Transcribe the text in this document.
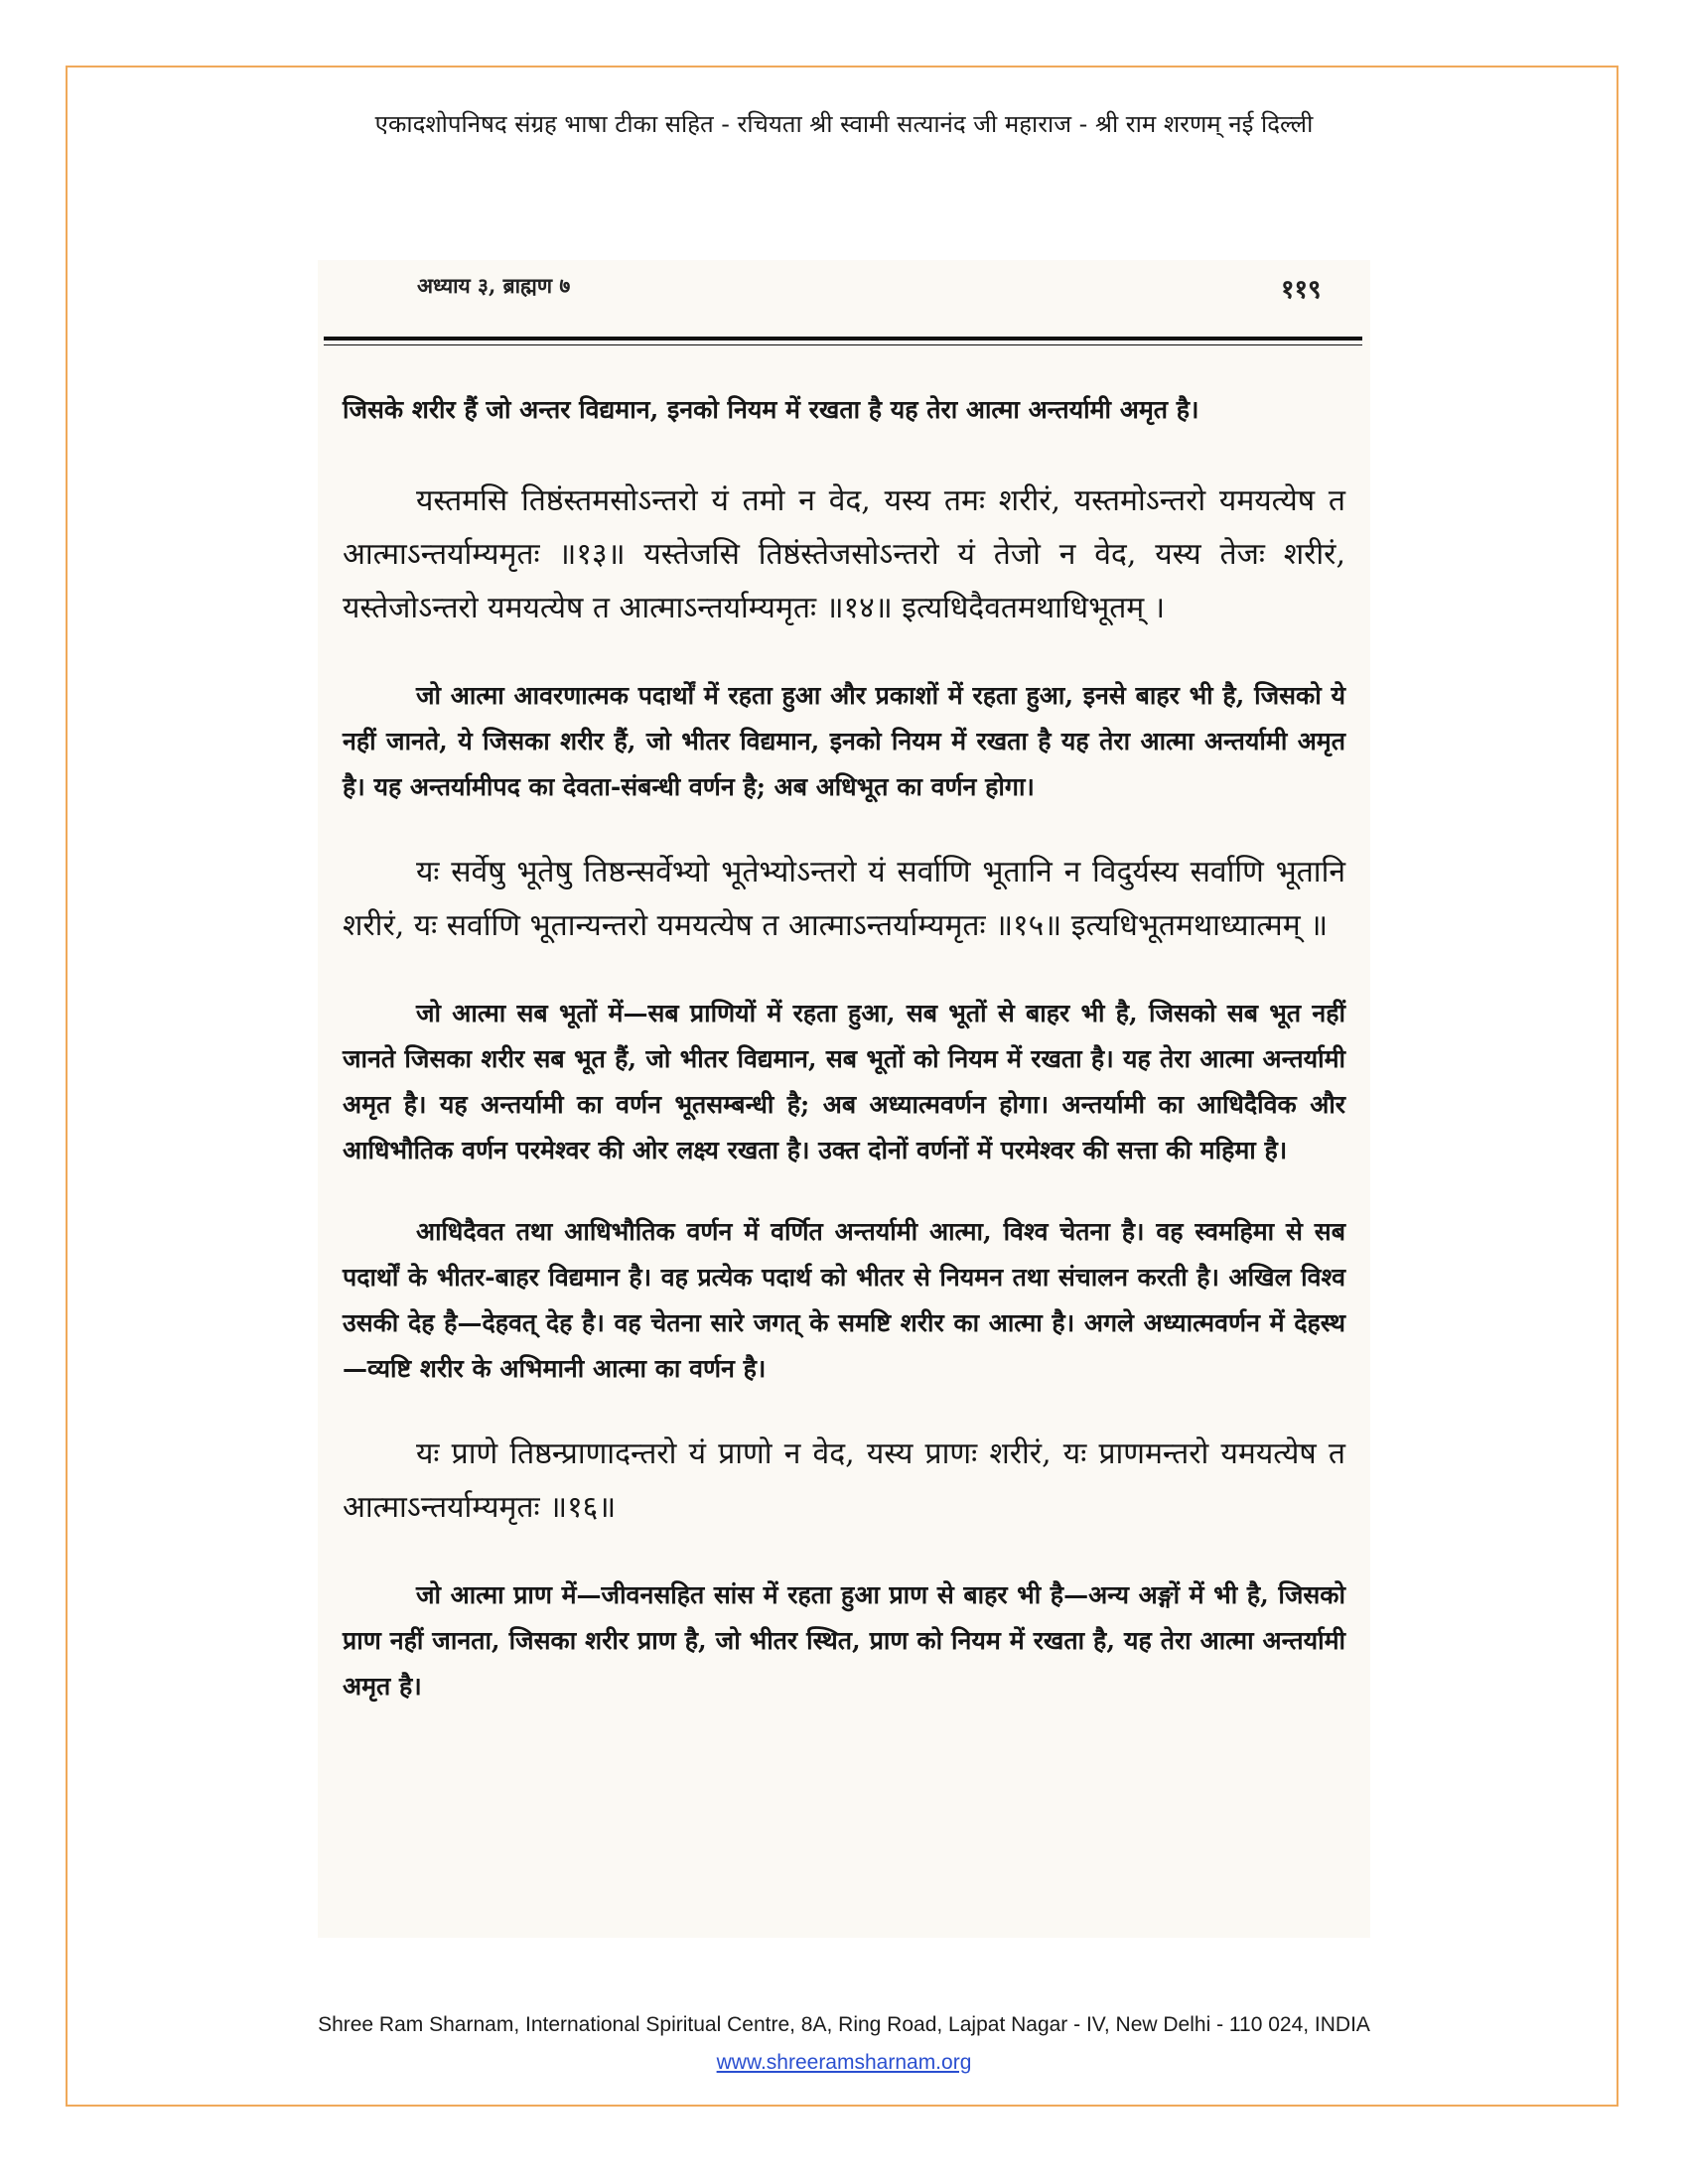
एकादशोपनिषद संग्रह भाषा टीका सहित - रचियता श्री स्वामी सत्यानंद जी महाराज - श्री राम शरणम् नई दिल्ली
अध्याय ३, ब्राह्मण ७	११९

जिसके शरीर हैं जो अन्तर विद्यमान, इनको नियम में रखता है यह तेरा आत्मा अन्तर्यामी अमृत है।

यस्तमसि तिष्ठंस्तमसोऽन्तरो यं तमो न वेद, यस्य तमः शरीरं, यस्तमोऽन्तरो यमयत्येष त आत्माऽन्तर्याम्यमृतः ॥१३॥ यस्तेजसि तिष्ठंस्तेजसोऽन्तरो यं तेजो न वेद, यस्य तेजः शरीरं, यस्तेजोऽन्तरो यमयत्येष त आत्माऽन्तर्याम्यमृतः ॥१४॥ इत्यधिदैवतमथाधिभूतम् ।

जो आत्मा आवरणात्मक पदार्थों में रहता हुआ और प्रकाशों में रहता हुआ, इनसे बाहर भी है, जिसको ये नहीं जानते, ये जिसका शरीर हैं, जो भीतर विद्यमान, इनको नियम में रखता है यह तेरा आत्मा अन्तर्यामी अमृत है। यह अन्तर्यामीपद का देवता-संबन्धी वर्णन है; अब अधिभूत का वर्णन होगा।

यः सर्वेषु भूतेषु तिष्ठन्सर्वेभ्यो भूतेभ्योऽन्तरो यं सर्वाणि भूतानि न विदुर्यस्य सर्वाणि भूतानि शरीरं, यः सर्वाणि भूतान्यन्तरो यमयत्येष त आत्माऽन्तर्याम्यमृतः ॥१५॥ इत्यधिभूतमथाध्यात्मम् ॥

जो आत्मा सब भूतों में—सब प्राणियों में रहता हुआ, सब भूतों से बाहर भी है, जिसको सब भूत नहीं जानते जिसका शरीर सब भूत हैं, जो भीतर विद्यमान, सब भूतों को नियम में रखता है। यह तेरा आत्मा अन्तर्यामी अमृत है। यह अन्तर्यामी का वर्णन भूतसम्बन्धी है; अब अध्यात्मवर्णन होगा। अन्तर्यामी का आधिदैविक और आधिभौतिक वर्णन परमेश्वर की ओर लक्ष्य रखता है। उक्त दोनों वर्णनों में परमेश्वर की सत्ता की महिमा है।

आधिदैवत तथा आधिभौतिक वर्णन में वर्णित अन्तर्यामी आत्मा, विश्व चेतना है। वह स्वमहिमा से सब पदार्थों के भीतर-बाहर विद्यमान है। वह प्रत्येक पदार्थ को भीतर से नियमन तथा संचालन करती है। अखिल विश्व उसकी देह है—देहवत् देह है। वह चेतना सारे जगत् के समष्टि शरीर का आत्मा है। अगले अध्यात्मवर्णन में देहस्थ—व्यष्टि शरीर के अभिमानी आत्मा का वर्णन है।

यः प्राणे तिष्ठन्प्राणादन्तरो यं प्राणो न वेद, यस्य प्राणः शरीरं, यः प्राणमन्तरो यमयत्येष त आत्माऽन्तर्याम्यमृतः ॥१६॥

जो आत्मा प्राण में—जीवनसहित सांस में रहता हुआ प्राण से बाहर भी है—अन्य अङ्गों में भी है, जिसको प्राण नहीं जानता, जिसका शरीर प्राण है, जो भीतर स्थित, प्राण को नियम में रखता है, यह तेरा आत्मा अन्तर्यामी अमृत है।

Shree Ram Sharnam, International Spiritual Centre, 8A, Ring Road, Lajpat Nagar - IV, New Delhi - 110 024, INDIA
www.shreeramsharnam.org
